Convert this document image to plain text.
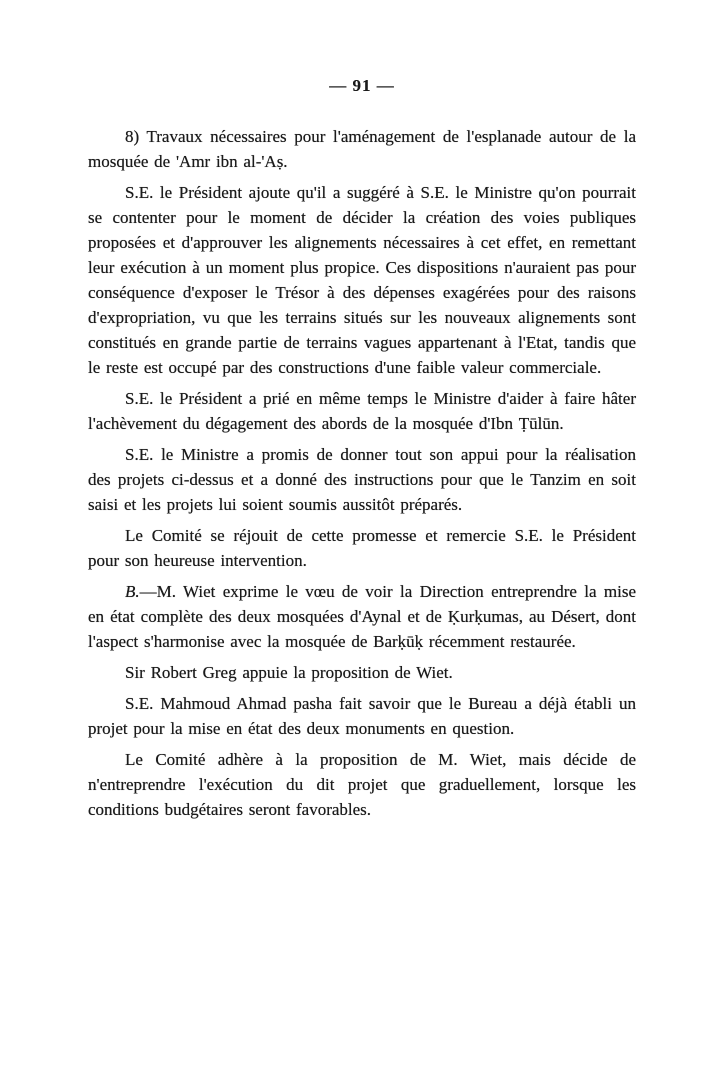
— 91 —

8) Travaux nécessaires pour l'aménagement de l'esplanade autour de la mosquée de 'Amr ibn al-'Aṣ.

S.E. le Président ajoute qu'il a suggéré à S.E. le Ministre qu'on pourrait se contenter pour le moment de décider la création des voies publiques proposées et d'approuver les alignements nécessaires à cet effet, en remettant leur exécution à un moment plus propice. Ces dispositions n'auraient pas pour conséquence d'exposer le Trésor à des dépenses exagérées pour des raisons d'expropriation, vu que les terrains situés sur les nouveaux alignements sont constitués en grande partie de terrains vagues appartenant à l'Etat, tandis que le reste est occupé par des constructions d'une faible valeur commerciale.

S.E. le Président a prié en même temps le Ministre d'aider à faire hâter l'achèvement du dégagement des abords de la mosquée d'Ibn Ṭūlūn.

S.E. le Ministre a promis de donner tout son appui pour la réalisation des projets ci-dessus et a donné des instructions pour que le Tanzim en soit saisi et les projets lui soient soumis aussitôt préparés.

Le Comité se réjouit de cette promesse et remercie S.E. le Président pour son heureuse intervention.

B.—M. Wiet exprime le vœu de voir la Direction entreprendre la mise en état complète des deux mosquées d'Aynal et de Ḳurḳumas, au Désert, dont l'aspect s'harmonise avec la mosquée de Barḳūḳ récemment restaurée.

Sir Robert Greg appuie la proposition de Wiet.

S.E. Mahmoud Ahmad pasha fait savoir que le Bureau a déjà établi un projet pour la mise en état des deux monuments en question.

Le Comité adhère à la proposition de M. Wiet, mais décide de n'entreprendre l'exécution du dit projet que graduellement, lorsque les conditions budgétaires seront favorables.
